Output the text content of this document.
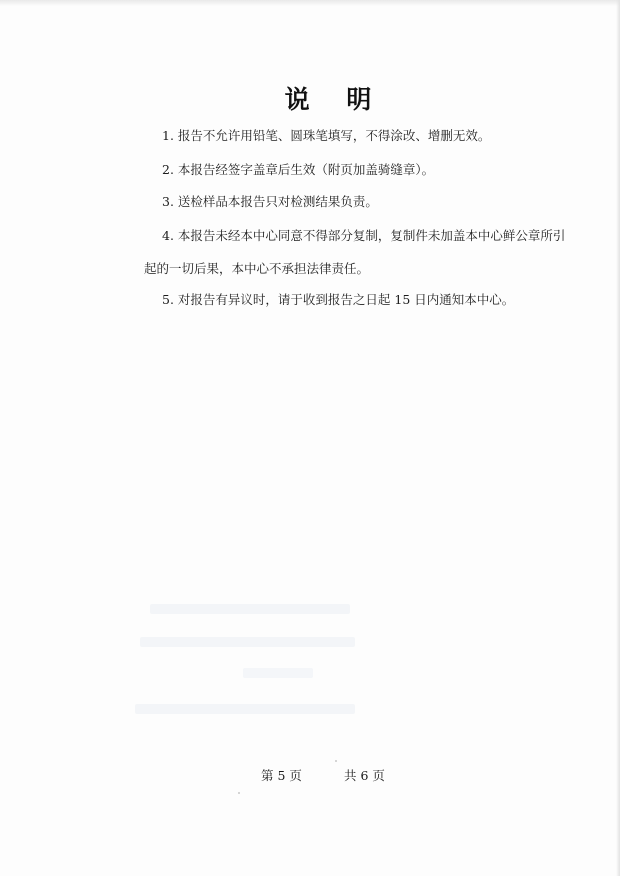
说 明
1. 报告不允许用铅笔、圆珠笔填写，不得涂改、增删无效。
2. 本报告经签字盖章后生效（附页加盖骑缝章）。
3. 送检样品本报告只对检测结果负责。
4. 本报告未经本中心同意不得部分复制，复制件未加盖本中心鲜公章所引
起的一切后果，本中心不承担法律责任。
5. 对报告有异议时，请于收到报告之日起 15 日内通知本中心。
第 5 页	共 6 页
